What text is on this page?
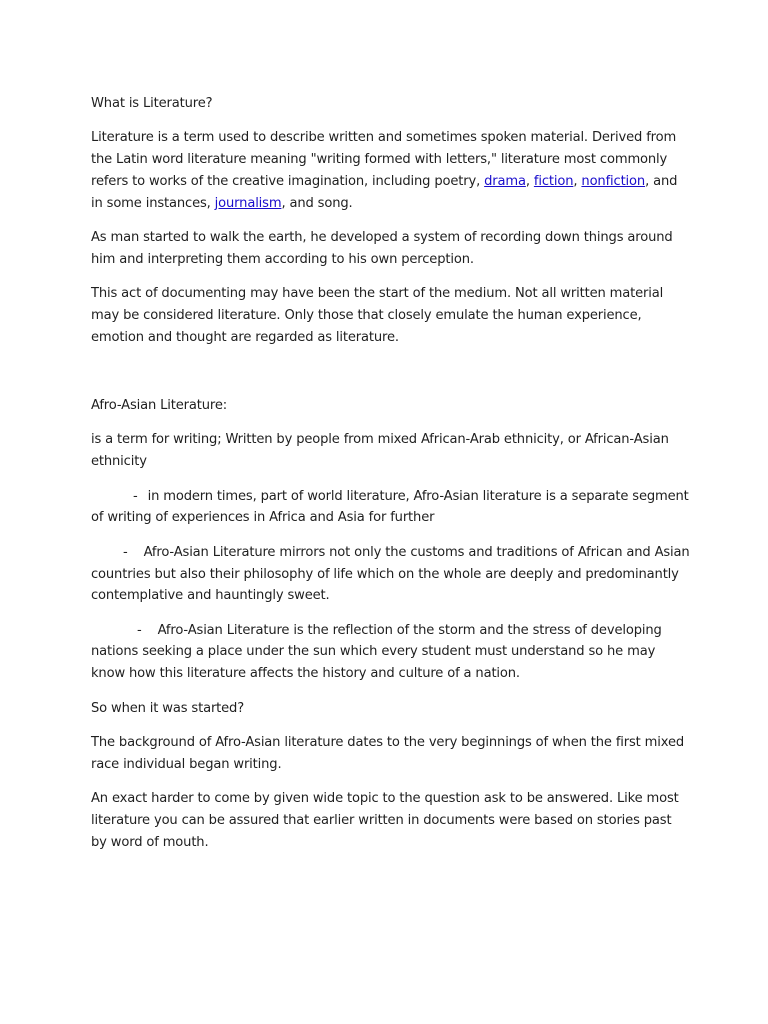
What is Literature?

Literature is a term used to describe written and sometimes spoken material. Derived from the Latin word literature meaning "writing formed with letters," literature most commonly refers to works of the creative imagination, including poetry, drama, fiction, nonfiction, and in some instances, journalism, and song.

As man started to walk the earth, he developed a system of recording down things around him and interpreting them according to his own perception.

This act of documenting may have been the start of the medium. Not all written material may be considered literature. Only those that closely emulate the human experience, emotion and thought are regarded as literature.

Afro-Asian Literature:

is a term for writing; Written by people from mixed African-Arab ethnicity, or African-Asian ethnicity

- in modern times, part of world literature, Afro-Asian literature is a separate segment of writing of experiences in Africa and Asia for further

- Afro-Asian Literature mirrors not only the customs and traditions of African and Asian countries but also their philosophy of life which on the whole are deeply and predominantly contemplative and hauntingly sweet.

- Afro-Asian Literature is the reflection of the storm and the stress of developing nations seeking a place under the sun which every student must understand so he may know how this literature affects the history and culture of a nation.

So when it was started?

The background of Afro-Asian literature dates to the very beginnings of when the first mixed race individual began writing.

An exact harder to come by given wide topic to the question ask to be answered. Like most literature you can be assured that earlier written in documents were based on stories past by word of mouth.
